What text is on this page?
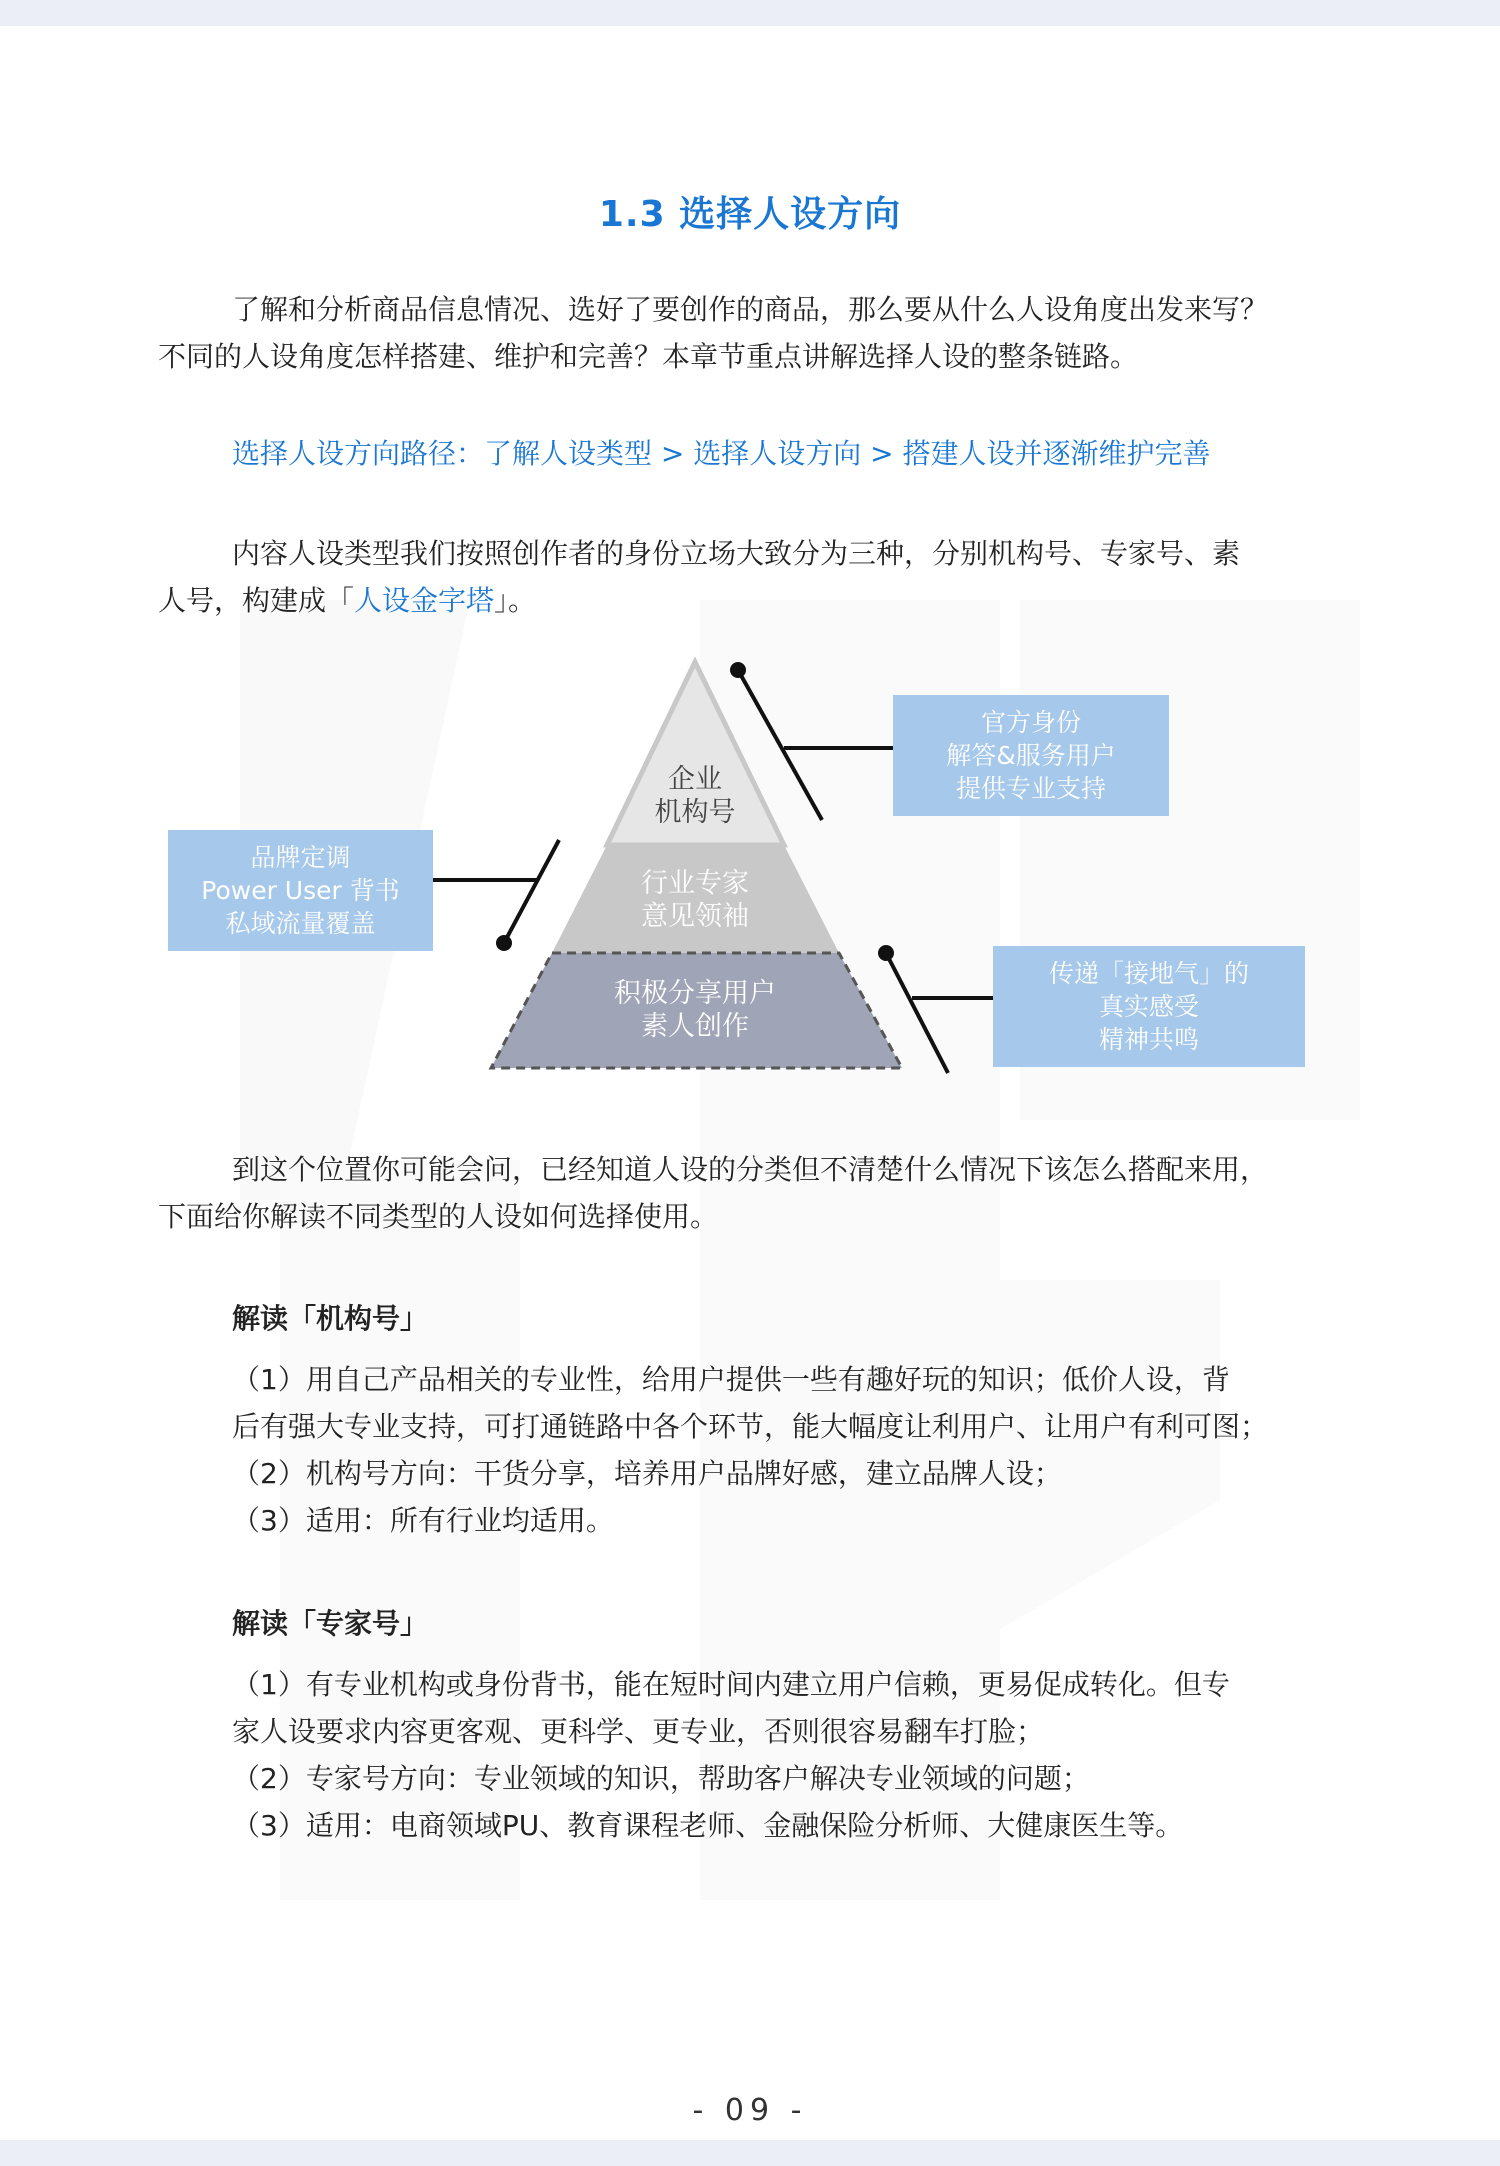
1.3 选择人设方向
了解和分析商品信息情况、选好了要创作的商品，那么要从什么人设角度出发来写？
不同的人设角度怎样搭建、维护和完善？本章节重点讲解选择人设的整条链路。
选择人设方向路径：了解人设类型 > 选择人设方向 > 搭建人设并逐渐维护完善
内容人设类型我们按照创作者的身份立场大致分为三种，分别机构号、专家号、素
人号，构建成「人设金字塔」。
企业
机构号
行业专家
意见领袖
积极分享用户
素人创作
官方身份
解答&服务用户
提供专业支持
品牌定调
Power User 背书
私域流量覆盖
传递「接地气」的
真实感受
精神共鸣
到这个位置你可能会问，已经知道人设的分类但不清楚什么情况下该怎么搭配来用，
下面给你解读不同类型的人设如何选择使用。
解读「机构号」
（1）用自己产品相关的专业性，给用户提供一些有趣好玩的知识；低价人设，背
后有强大专业支持，可打通链路中各个环节，能大幅度让利用户、让用户有利可图；
（2）机构号方向：干货分享，培养用户品牌好感，建立品牌人设；
（3）适用：所有行业均适用。
解读「专家号」
（1）有专业机构或身份背书，能在短时间内建立用户信赖，更易促成转化。但专
家人设要求内容更客观、更科学、更专业，否则很容易翻车打脸；
（2）专家号方向：专业领域的知识，帮助客户解决专业领域的问题；
（3）适用：电商领域PU、教育课程老师、金融保险分析师、大健康医生等。
- 09 -
